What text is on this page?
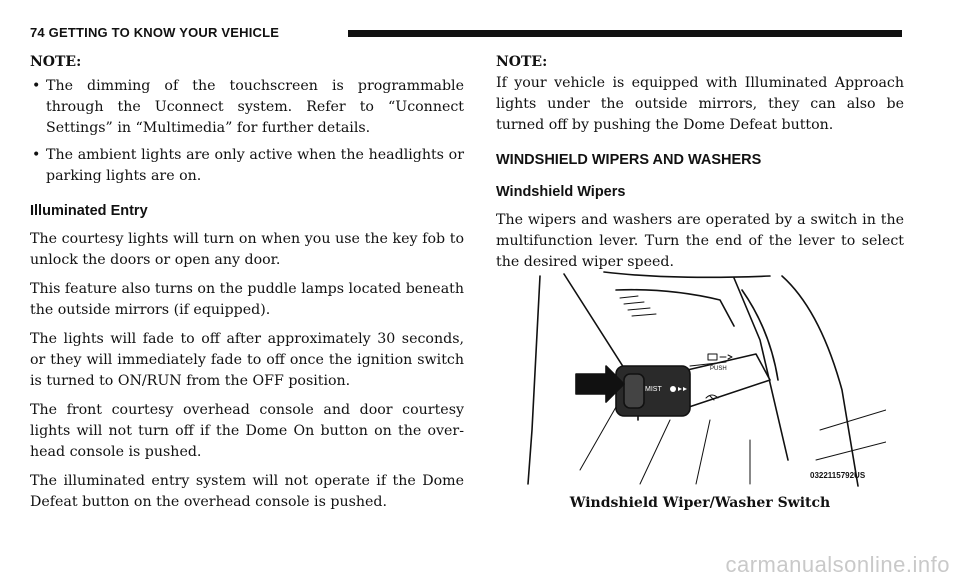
74 GETTING TO KNOW YOUR VEHICLE
NOTE:
• The dimming of the touchscreen is programmable through the Uconnect system. Refer to “Uconnect Settings” in “Multimedia” for further details.
• The ambient lights are only active when the headlights or parking lights are on.
Illuminated Entry

The courtesy lights will turn on when you use the key fob to unlock the doors or open any door.

This feature also turns on the puddle lamps located beneath the outside mirrors (if equipped).

The lights will fade to off after approximately 30 seconds, or they will immediately fade to off once the ignition switch is turned to ON/RUN from the OFF position.

The front courtesy overhead console and door courtesy lights will not turn off if the Dome On button on the over- head console is pushed.

The illuminated entry system will not operate if the Dome Defeat button on the overhead console is pushed.

NOTE:

If your vehicle is equipped with Illuminated Approach lights under the outside mirrors, they can also be turned off by pushing the Dome Defeat button.

WINDSHIELD WIPERS AND WASHERS
Windshield Wipers

The wipers and washers are operated by a switch in the multifunction lever. Turn the end of the lever to select the desired wiper speed.

MIST
PUSH
0322115792US
Windshield Wiper/Washer Switch
carmanualsonline.info
